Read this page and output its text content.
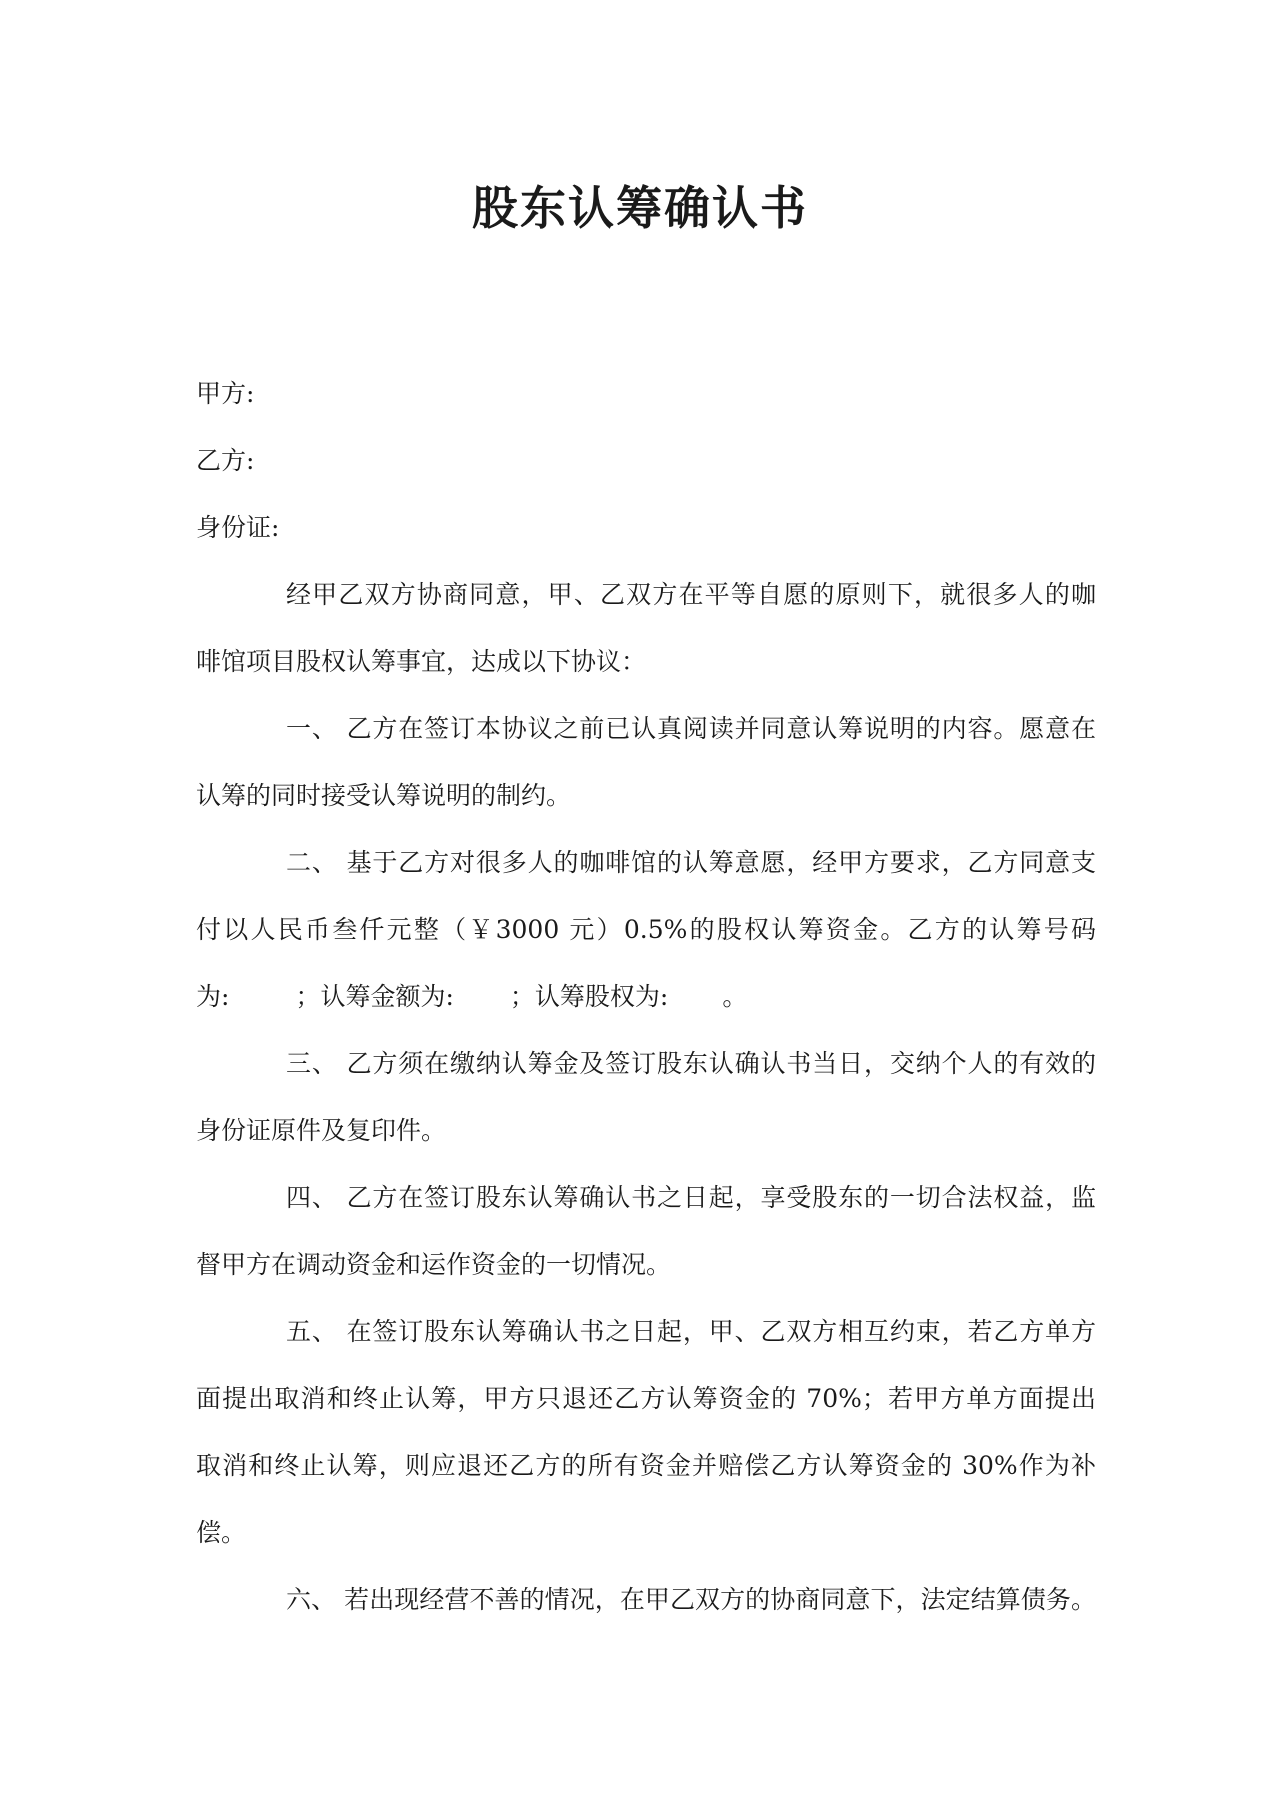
股东认筹确认书
甲方:
乙方:
身份证:
经甲乙双方协商同意，甲、乙双方在平等自愿的原则下，就很多人的咖
啡馆项目股权认筹事宜，达成以下协议：
一、 乙方在签订本协议之前已认真阅读并同意认筹说明的内容。愿意在
认筹的同时接受认筹说明的制约。
二、 基于乙方对很多人的咖啡馆的认筹意愿，经甲方要求，乙方同意支
付以人民币叁仟元整（￥3000 元）0.5%的股权认筹资金。乙方的认筹号码
为:	；认筹金额为: ；认筹股权为: 。
三、 乙方须在缴纳认筹金及签订股东认确认书当日，交纳个人的有效的
身份证原件及复印件。
四、 乙方在签订股东认筹确认书之日起，享受股东的一切合法权益，监
督甲方在调动资金和运作资金的一切情况。
五、 在签订股东认筹确认书之日起，甲、乙双方相互约束，若乙方单方
面提出取消和终止认筹，甲方只退还乙方认筹资金的 70%；若甲方单方面提出
取消和终止认筹，则应退还乙方的所有资金并赔偿乙方认筹资金的 30%作为补
偿。
六、 若出现经营不善的情况，在甲乙双方的协商同意下，法定结算债务。
